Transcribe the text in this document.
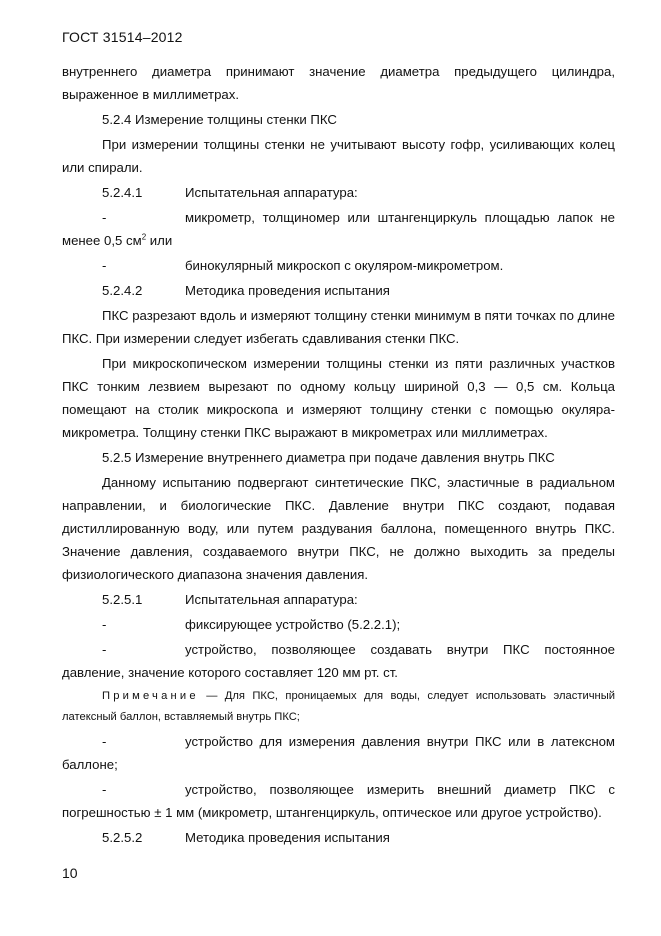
ГОСТ 31514–2012

внутреннего диаметра принимают значение диаметра предыдущего цилиндра, выраженное в миллиметрах.

5.2.4 Измерение толщины стенки ПКС

При измерении толщины стенки не учитывают высоту гофр, усиливающих колец или спирали.

5.2.4.1	Испытательная аппаратура:
-	микрометр, толщиномер или штангенциркуль площадью лапок не менее 0,5 $см^2$ или
-	бинокулярный микроскоп с окуляром-микрометром.
5.2.4.2	Методика проведения испытания

ПКС разрезают вдоль и измеряют толщину стенки минимум в пяти точках по длине ПКС. При измерении следует избегать сдавливания стенки ПКС.

При микроскопическом измерении толщины стенки из пяти различных участков ПКС тонким лезвием вырезают по одному кольцу шириной 0,3 — 0,5 см. Кольца помещают на столик микроскопа и измеряют толщину стенки с помощью окуляра-микрометра. Толщину стенки ПКС выражают в микрометрах или миллиметрах.

5.2.5 Измерение внутреннего диаметра при подаче давления внутрь ПКС

Данному испытанию подвергают синтетические ПКС, эластичные в радиальном направлении, и биологические ПКС. Давление внутри ПКС создают, подавая дистиллированную воду, или путем раздувания баллона, помещенного внутрь ПКС. Значение давления, создаваемого внутри ПКС, не должно выходить за пределы физиологического диапазона значения давления.

5.2.5.1	Испытательная аппаратура:
-	фиксирующее устройство (5.2.2.1);
-	устройство, позволяющее создавать внутри ПКС постоянное давление, значение которого составляет 120 мм рт. ст.
Примечание — Для ПКС, проницаемых для воды, следует использовать эластичный латексный баллон, вставляемый внутрь ПКС;
-	устройство для измерения давления внутри ПКС или в латексном баллоне;
-	устройство, позволяющее измерить внешний диаметр ПКС с погрешностью ± 1 мм (микрометр, штангенциркуль, оптическое или другое устройство).
5.2.5.2	Методика проведения испытания
10
